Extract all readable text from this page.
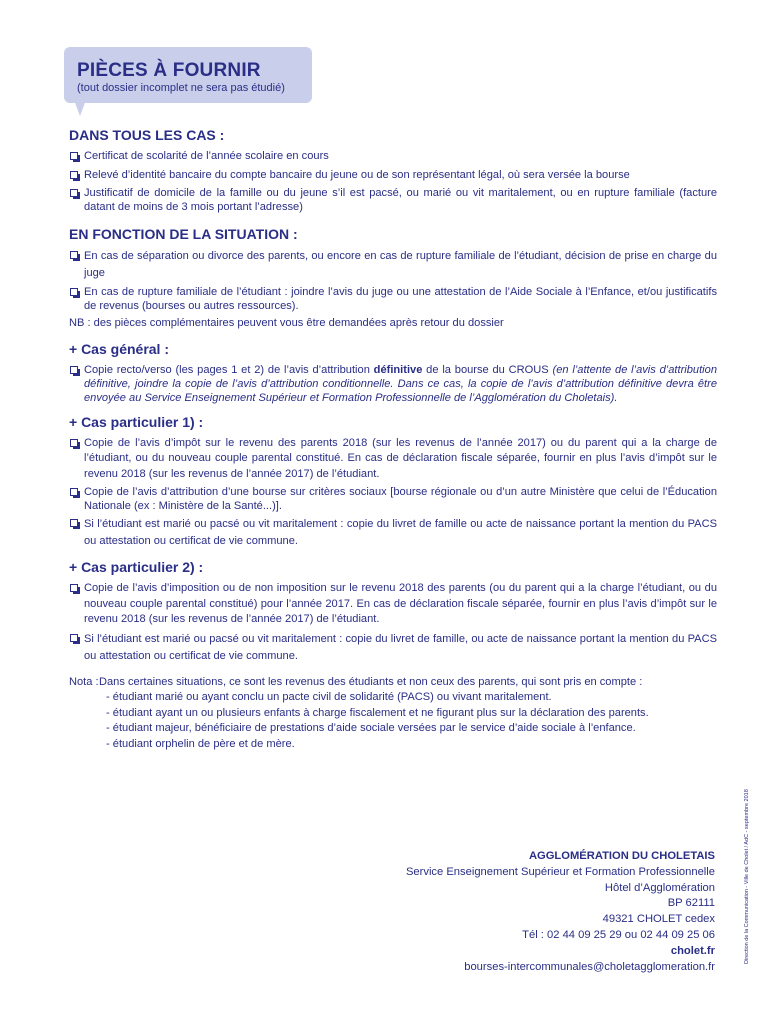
PIÈCES À FOURNIR
(tout dossier incomplet ne sera pas étudié)
DANS TOUS LES CAS :
Certificat de scolarité de l’année scolaire en cours
Relevé d’identité bancaire du compte bancaire du jeune ou de son représentant légal, où sera versée la bourse
Justificatif de domicile de la famille ou du jeune s’il est pacsé, ou marié ou vit maritalement, ou en rupture familiale (facture datant de moins de 3 mois portant l’adresse)
EN FONCTION DE LA SITUATION :
En cas de séparation ou divorce des parents, ou encore en cas de rupture familiale de l’étudiant, décision de prise en charge du juge
En cas de rupture familiale de l’étudiant : joindre l’avis du juge ou une attestation de l’Aide Sociale à l’Enfance, et/ou justificatifs de revenus (bourses ou autres ressources).
NB : des pièces complémentaires peuvent vous être demandées après retour du dossier
+ Cas général :
Copie recto/verso (les pages 1 et 2) de l’avis d’attribution définitive de la bourse du CROUS (en l’attente de l’avis d’attribution définitive, joindre la copie de l’avis d’attribution conditionnelle. Dans ce cas, la copie de l’avis d’attribution définitive devra être envoyée au Service Enseignement Supérieur et Formation Professionnelle de l’Agglomération du Choletais).
+ Cas particulier 1) :
Copie de l’avis d’impôt sur le revenu des parents 2018 (sur les revenus de l’année 2017) ou du parent qui a la charge de l’étudiant, ou du nouveau couple parental constitué. En cas de déclaration fiscale séparée, fournir en plus l’avis d’impôt sur le revenu 2018 (sur les revenus de l’année 2017) de l’étudiant.
Copie de l’avis d’attribution d’une bourse sur critères sociaux [bourse régionale ou d’un autre Ministère que celui de l’Éducation Nationale (ex : Ministère de la Santé...)].
Si l’étudiant est marié ou pacsé ou vit maritalement : copie du livret de famille ou acte de naissance portant la mention du PACS ou attestation ou certificat de vie commune.
+ Cas particulier 2) :
Copie de l’avis d’imposition ou de non imposition sur le revenu 2018 des parents (ou du parent qui a la charge l’étudiant, ou du nouveau couple parental constitué) pour l’année 2017. En cas de déclaration fiscale séparée, fournir en plus l’avis d’impôt sur le revenu 2018 (sur les revenus de l’année 2017) de l’étudiant.
Si l’étudiant est marié ou pacsé ou vit maritalement : copie du livret de famille, ou acte de naissance portant la mention du PACS ou attestation ou certificat de vie commune.
Nota : Dans certaines situations, ce sont les revenus des étudiants et non ceux des parents, qui sont pris en compte :
- étudiant marié ou ayant conclu un pacte civil de solidarité (PACS) ou vivant maritalement.
- étudiant ayant un ou plusieurs enfants à charge fiscalement et ne figurant plus sur la déclaration des parents.
- étudiant majeur, bénéficiaire de prestations d’aide sociale versées par le service d’aide sociale à l’enfance.
- étudiant orphelin de père et de mère.
Direction de la Communication - Ville de Cholet / AdC - septembre 2018
AGGLOMÉRATION DU CHOLETAIS
Service Enseignement Supérieur et Formation Professionnelle
Hôtel d’Agglomération
BP 62111
49321 CHOLET cedex
Tél : 02 44 09 25 29 ou 02 44 09 25 06
cholet.fr
bourses-intercommunales@choletagglomeration.fr
